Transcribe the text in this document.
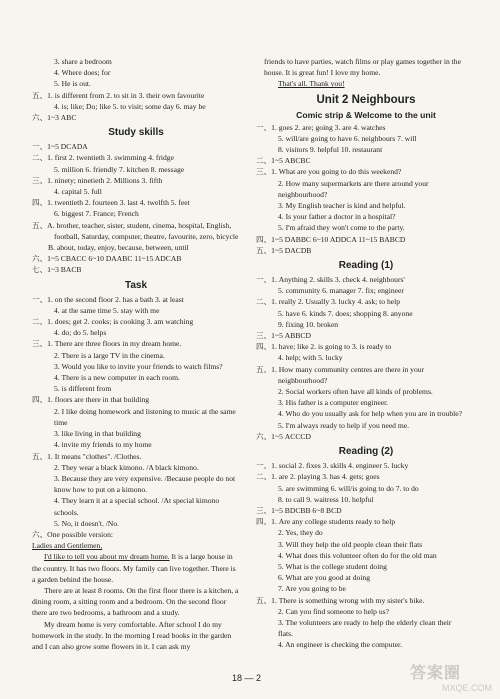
3. share a bedroom
4. Where does; for
5. He is out.
五、1. is different from 2. to sit in 3. their own favourite
4. is; like; Do; like 5. to visit; some day 6. may be
六、1~3 ABC
Study skills
一、1~5 DCADA
二、1. first 2. twentieth 3. swimming 4. fridge
5. million 6. friendly 7. kitchen 8. message
三、1. ninety; ninetieth 2. Millions 3. fifth
4. capital 5. full
四、1. twentieth 2. fourteen 3. last 4. twelfth 5. feet
6. biggest 7. France; French
五、A. brother, teacher, sister, student, cinema, hospital, English,
football, Saturday, computer, theatre, favourite, zero, bicycle
B. about, today, enjoy, because, between, until
六、1~5 CBACC 6~10 DAABC 11~15 ADCAB
七、1~3 BACB
Task
一、1. on the second floor 2. has a bath 3. at least
4. at the same time 5. stay with me
二、1. does; get 2. cooks; is cooking 3. am watching
4. do; do 5. helps
三、1. There are three floors in my dream home.
2. There is a large TV in the cinema.
3. Would you like to invite your friends to watch films?
4. There is a new computer in each room.
5. is different from
四、1. floors are there in that building
2. I like doing homework and listening to music at the same
time
3. like living in that building
4. invite my friends to my home
五、1. It means "clothes". /Clothes.
2. They wear a black kimono. /A black kimono.
3. Because they are very expensive. /Because people do not
know how to put on a kimono.
4. They learn it at a special school. /At special kimono
schools.
5. No, it doesn't. /No.
六、One possible version:
Ladies and Gentlemen,
I'd like to tell you about my dream home. It is a large house in the country. It has two floors. My family can live together. There is a garden behind the house.
There are at least 8 rooms. On the first floor there is a kitchen, a dining room, a sitting room and a bedroom. On the second floor there are two bedrooms, a bathroom and a study.
My dream home is very comfortable. After school I do my homework in the study. In the morning I read books in the garden and I can also grow some flowers in it. I can ask my
friends to have parties, watch films or play games together in the house. It is great fun! I love my home.
That's all. Thank you!
Unit 2 Neighbours
Comic strip & Welcome to the unit
一、1. goes 2. are; going 3. are 4. watches
5. will/are going to have 6. neighbours 7. will
8. visitors 9. helpful 10. restaurant
二、1~5 ABCBC
三、1. What are you going to do this weekend?
2. How many supermarkets are there around your
neighbourhood?
3. My English teacher is kind and helpful.
4. Is your father a doctor in a hospital?
5. I'm afraid they won't come to the party.
四、1~5 DABBC 6~10 ADDCA 11~15 BABCD
五、1~5 DACDB
Reading (1)
一、1. Anything 2. skills 3. check 4. neighbours'
5. community 6. manager 7. fix; engineer
二、1. really 2. Usually 3. lucky 4. ask; to help
5. have 6. kinds 7. does; shopping 8. anyone
9. fixing 10. broken
三、1~5 ABBCD
四、1. have; like 2. is going to 3. is ready to
4. help; with 5. lucky
五、1. How many community centres are there in your
neighbourhood?
2. Social workers often have all kinds of problems.
3. His father is a computer engineer.
4. Who do you usually ask for help when you are in trouble?
5. I'm always ready to help if you need me.
六、1~5 ACCCD
Reading (2)
一、1. social 2. fixes 3. skills 4. engineer 5. lucky
二、1. are 2. playing 3. has 4. gets; goes
5. are swimming 6. will/is going to do 7. to do
8. to call 9. waitress 10. helpful
三、1~5 BDCBB 6~8 BCD
四、1. Are any college students ready to help
2. Yes, they do
3. Will they help the old people clean their flats
4. What does this volunteer often do for the old man
5. What is the college student doing
6. What are you good at doing
7. Are you going to be
五、1. There is something wrong with my sister's bike.
2. Can you find someone to help us?
3. The volunteers are ready to help the elderly clean their
flats.
4. An engineer is checking the computer.
18 — 2	答案圈
MXQE.COM
